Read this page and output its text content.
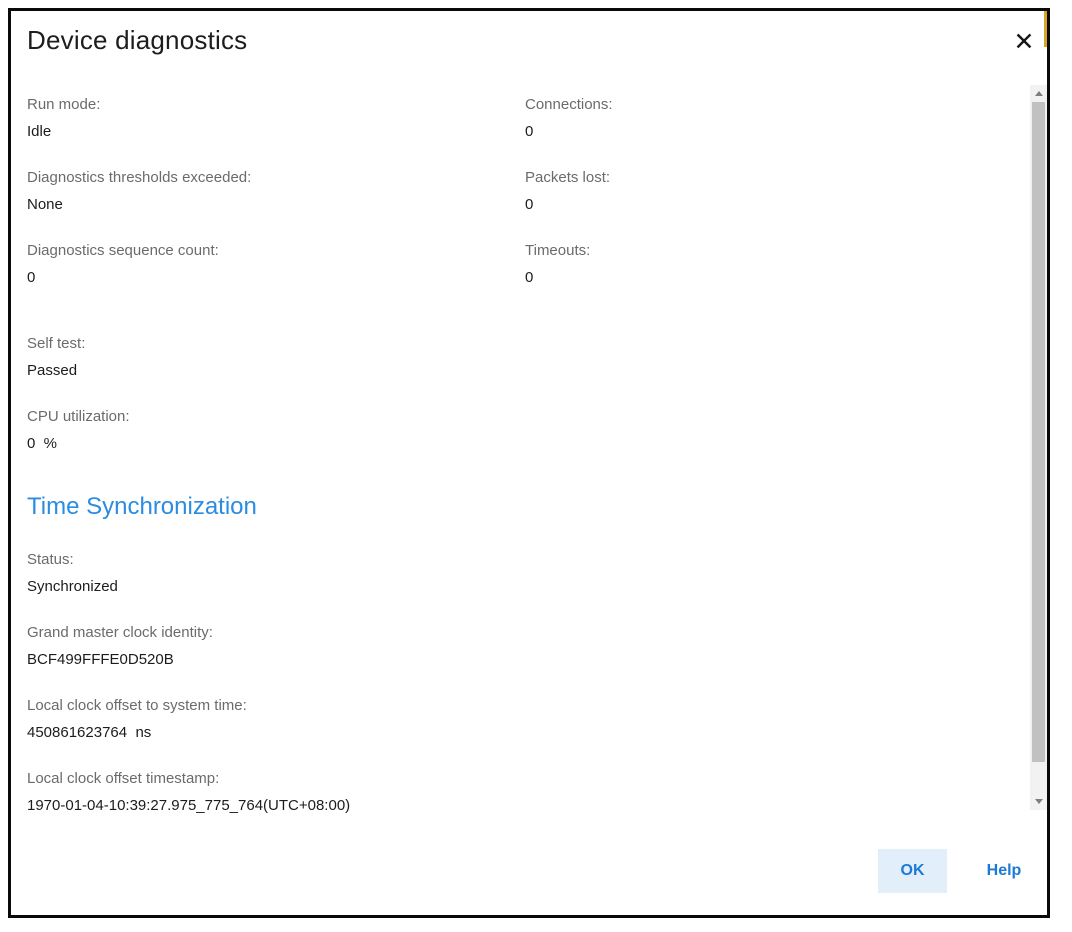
Device diagnostics	✕
Run mode:
Idle
Diagnostics thresholds exceeded:
None
Diagnostics sequence count:
0
Self test:
Passed
CPU utilization:
0  %
Time Synchronization
Status:
Synchronized
Grand master clock identity:
BCF499FFFE0D520B
Local clock offset to system time:
450861623764  ns
Local clock offset timestamp:
1970-01-04-10:39:27.975_775_764(UTC+08:00)
Connections:
0
Packets lost:
0
Timeouts:
0
OK	Help
